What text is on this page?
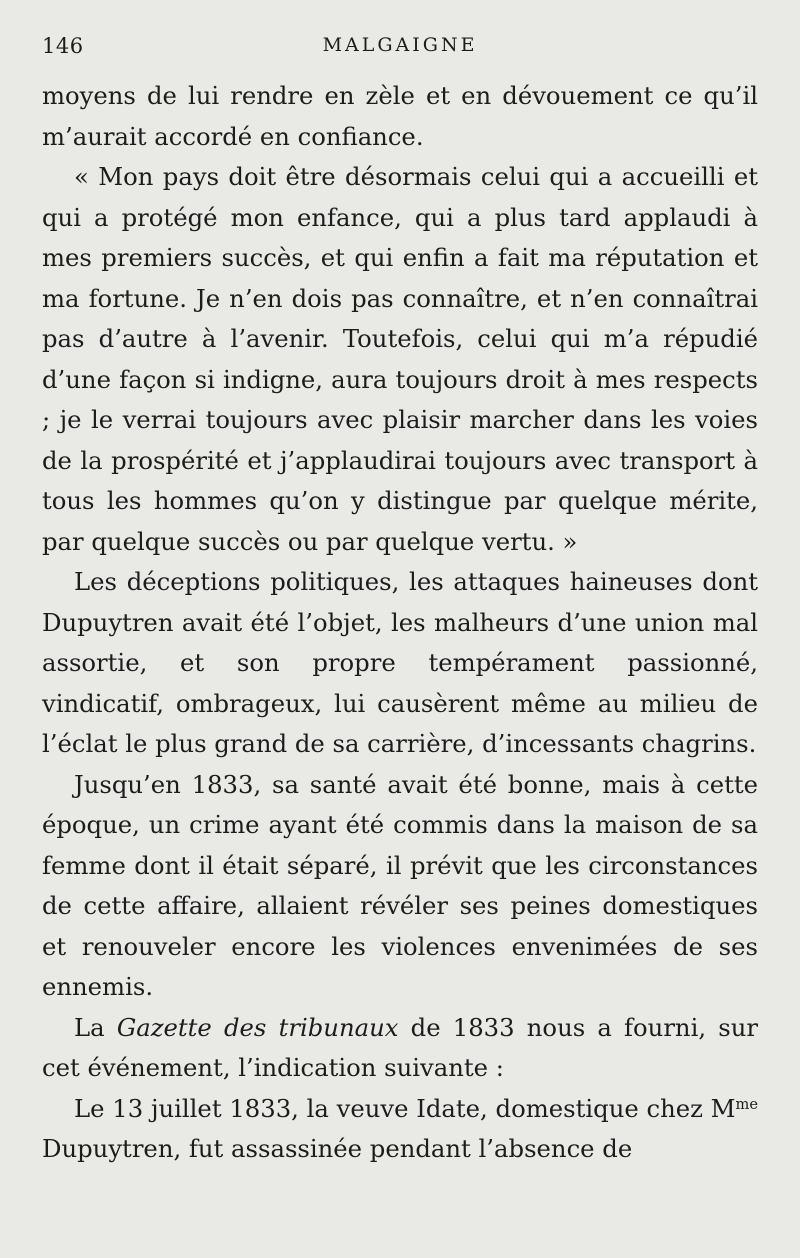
146	MALGAIGNE

moyens de lui rendre en zèle et en dévouement ce qu’il m’aurait accordé en confiance.

« Mon pays doit être désormais celui qui a accueilli et qui a protégé mon enfance, qui a plus tard applaudi à mes premiers succès, et qui enfin a fait ma réputation et ma fortune. Je n’en dois pas connaître, et n’en connaîtrai pas d’autre à l’avenir. Toutefois, celui qui m’a répudié d’une façon si indigne, aura toujours droit à mes respects ; je le verrai toujours avec plaisir marcher dans les voies de la prospérité et j’applaudirai toujours avec transport à tous les hommes qu’on y distingue par quelque mérite, par quelque succès ou par quelque vertu. »

Les déceptions politiques, les attaques haineuses dont Dupuytren avait été l’objet, les malheurs d’une union mal assortie, et son propre tempérament passionné, vindicatif, ombrageux, lui causèrent même au milieu de l’éclat le plus grand de sa carrière, d’incessants chagrins.

Jusqu’en 1833, sa santé avait été bonne, mais à cette époque, un crime ayant été commis dans la maison de sa femme dont il était séparé, il prévit que les circonstances de cette affaire, allaient révéler ses peines domestiques et renouveler encore les violences envenimées de ses ennemis.

La Gazette des tribunaux de 1833 nous a fourni, sur cet événement, l’indication suivante :

Le 13 juillet 1833, la veuve Idate, domestique chez $M^{me}$ Dupuytren, fut assassinée pendant l’absence de
